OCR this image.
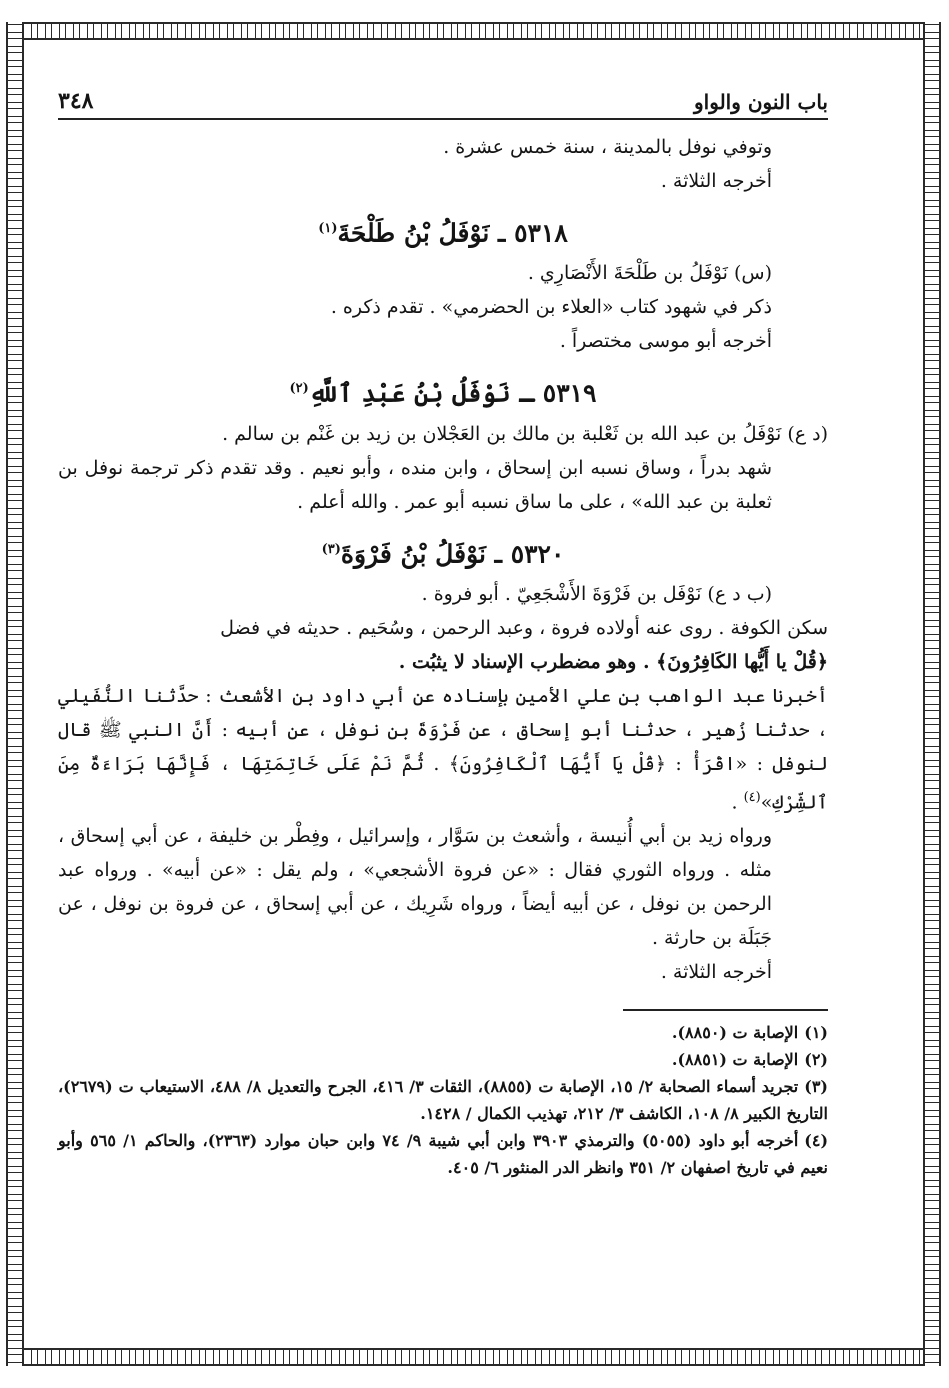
باب النون والواو
٣٤٨

وتوفي نوفل بالمدينة ، سنة خمس عشرة .

أخرجه الثلاثة .

٥٣١٨ ـ نَوْفَلُ بْنُ طَلْحَةَ$^{(١)}$

(س) نَوْفَلُ بن طَلْحَةَ الأَنْصَارِي .

ذكر في شهود كتاب «العلاء بن الحضرمي» . تقدم ذكره .

أخرجه أبو موسى مختصراً .

٥٣١٩ ـ نَوْفَلُ بْنُ عَبْدِ ٱللَّهِ$^{(٢)}$

(د ع) نَوْفَلُ بن عبد الله بن ثَعْلبة بن مالك بن العَجْلان بن زيد بن غَنْم بن سالم .

شهد بدراً ، وساق نسبه ابن إسحاق ، وابن منده ، وأبو نعيم . وقد تقدم ذكر ترجمة نوفل بن ثعلبة بن عبد الله» ، على ما ساق نسبه أبو عمر . والله أعلم .

٥٣٢٠ ـ نَوْفَلُ بْنُ فَرْوَةَ$^{(٣)}$

(ب د ع) نَوْفَل بن فَرْوَةَ الأَشْجَعِيّ . أبو فروة .

سكن الكوفة . روى عنه أولاده فروة ، وعبد الرحمن ، وسُحَيم . حديثه في فضل

﴿قُلْ يا أَيُّها الكَافِرُونَ﴾ . وهو مضطرب الإسناد لا يثبُت .

أخبرنا عبد الواهب بن علي الأمين بإسناده عن أبي داود بن الأشعث : حدَّثنا النُّفَيلي ، حدثنا زُهير ، حدثنا أبو إسحاق ، عن فَرْوَةَ بن نوفل ، عن أبيه : أَنَّ النبي ﷺ قال لنوفل : «اقْرَأْ : ﴿قُلْ يَا أَيُّهَا ٱلْكَافِرُونَ﴾ . ثُمَّ نَمْ عَلَى خَاتِمَتِهَا ، فَإِنَّهَا بَرَاءَةٌ مِنَ ٱلشِّرْكِ»$^{(٤)}$ .

ورواه زيد بن أبي أُنيسة ، وأشعث بن سَوَّار ، وإسرائيل ، وفِطْر بن خليفة ، عن أبي إسحاق ، مثله . ورواه الثوري فقال : «عن فروة الأشجعي» ، ولم يقل : «عن أبيه» . ورواه عبد الرحمن بن نوفل ، عن أبيه أيضاً ، ورواه شَرِيك ، عن أبي إسحاق ، عن فروة بن نوفل ، عن جَبَلَة بن حارثة .

أخرجه الثلاثة .

(١)الإصابة ت (٨٨٥٠).

(٢)الإصابة ت (٨٨٥١).

(٣)تجريد أسماء الصحابة ٢/ ١٥، الإصابة ت (٨٨٥٥)، الثقات ٣/ ٤١٦، الجرح والتعديل ٨/ ٤٨٨، الاستيعاب ت (٢٦٧٩)، التاريخ الكبير ٨/ ١٠٨، الكاشف ٣/ ٢١٢، تهذيب الكمال / ١٤٢٨.

(٤)أخرجه أبو داود (٥٠٥٥) والترمذي ٣٩٠٣ وابن أبي شيبة ٩/ ٧٤ وابن حبان موارد (٢٣٦٣)، والحاكم ١/ ٥٦٥ وأبو نعيم في تاريخ اصفهان ٢/ ٣٥١ وانظر الدر المنثور ٦/ ٤٠٥.
